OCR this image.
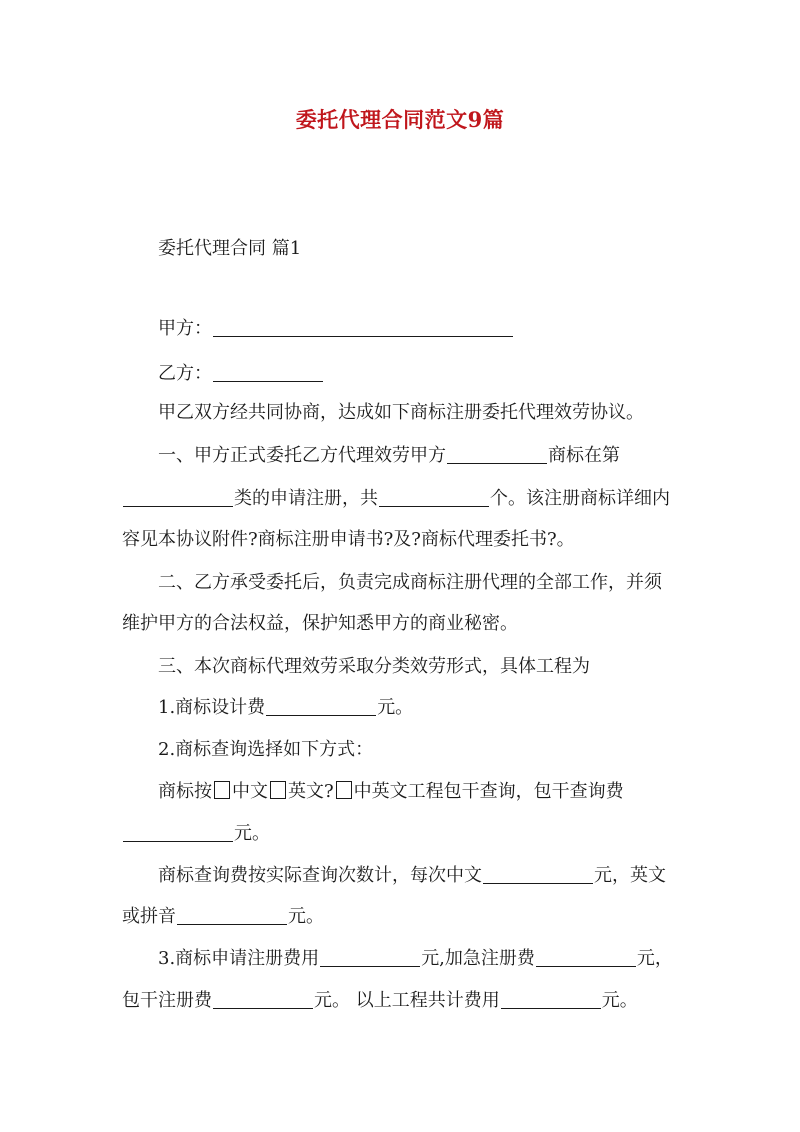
委托代理合同范文9篇
委托代理合同 篇1
甲方：
乙方：
甲乙双方经共同协商，达成如下商标注册委托代理效劳协议。
一、甲方正式委托乙方代理效劳甲方	商标在第
类的申请注册，共	个。该注册商标详细内
容见本协议附件?商标注册申请书?及?商标代理委托书?。
二、乙方承受委托后，负责完成商标注册代理的全部工作，并须
维护甲方的合法权益，保护知悉甲方的商业秘密。
三、本次商标代理效劳采取分类效劳形式，具体工程为
1.商标设计费	元。
2.商标查询选择如下方式：
商标按 中文 英文? 中英文工程包干查询，包干查询费
元。
商标查询费按实际查询次数计，每次中文	元，英文
或拼音	元。
3.商标申请注册费用	元,加急注册费	元，
包干注册费	元。 以上工程共计费用	元。
